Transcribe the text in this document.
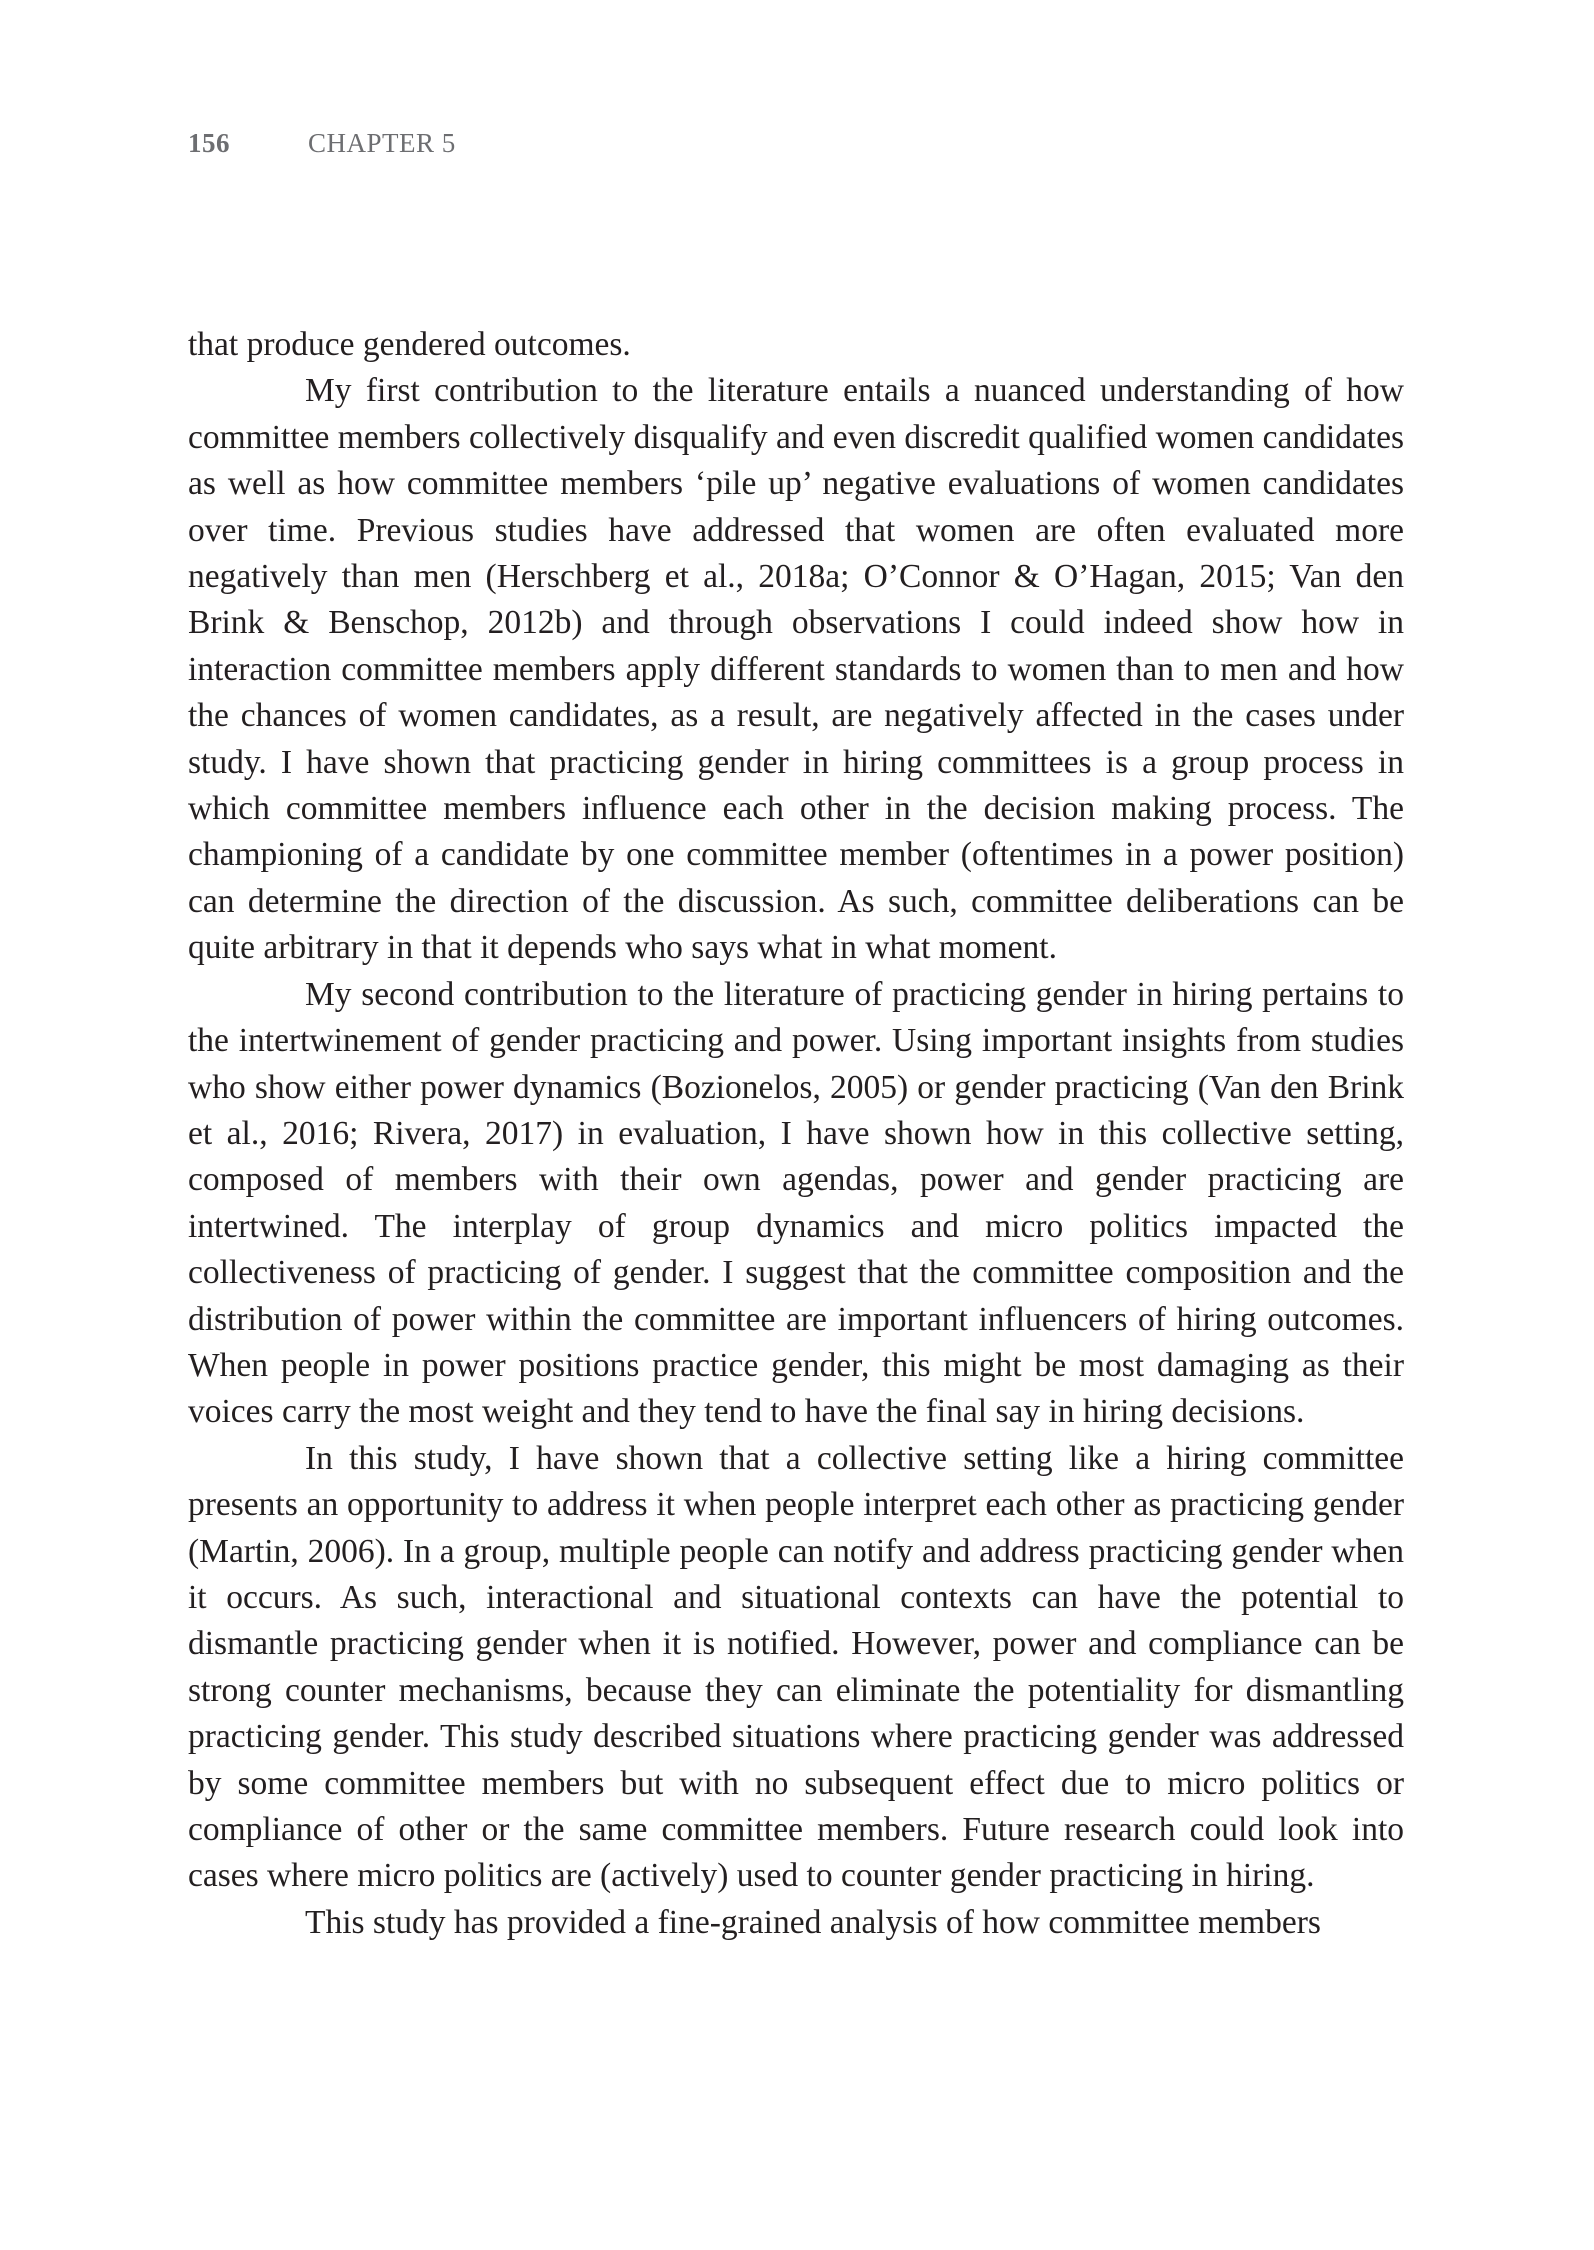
156	CHAPTER 5

that produce gendered outcomes.

My first contribution to the literature entails a nuanced understanding of how committee members collectively disqualify and even discredit qualified women candidates as well as how committee members ‘pile up’ negative evaluations of women candidates over time. Previous studies have addressed that women are often evaluated more negatively than men (Herschberg et al., 2018a; O’Connor & O’Hagan, 2015; Van den Brink & Benschop, 2012b) and through observations I could indeed show how in interaction committee members apply different standards to women than to men and how the chances of women candidates, as a result, are negatively affected in the cases under study. I have shown that practicing gender in hiring committees is a group process in which committee members influence each other in the decision making process. The championing of a candidate by one committee member (oftentimes in a power position) can determine the direction of the discussion. As such, committee deliberations can be quite arbitrary in that it depends who says what in what moment.

My second contribution to the literature of practicing gender in hiring pertains to the intertwinement of gender practicing and power. Using important insights from studies who show either power dynamics (Bozionelos, 2005) or gender practicing (Van den Brink et al., 2016; Rivera, 2017) in evaluation, I have shown how in this collective setting, composed of members with their own agendas, power and gender practicing are intertwined. The interplay of group dynamics and micro politics impacted the collectiveness of practicing of gender. I suggest that the committee composition and the distribution of power within the committee are important influencers of hiring outcomes. When people in power positions practice gender, this might be most damaging as their voices carry the most weight and they tend to have the final say in hiring decisions.

In this study, I have shown that a collective setting like a hiring committee presents an opportunity to address it when people interpret each other as practicing gender (Martin, 2006). In a group, multiple people can notify and address practicing gender when it occurs. As such, interactional and situational contexts can have the potential to dismantle practicing gender when it is notified. However, power and compliance can be strong counter mechanisms, because they can eliminate the potentiality for dismantling practicing gender. This study described situations where practicing gender was addressed by some committee members but with no subsequent effect due to micro politics or compliance of other or the same committee members. Future research could look into cases where micro politics are (actively) used to counter gender practicing in hiring.

This study has provided a fine-grained analysis of how committee members
